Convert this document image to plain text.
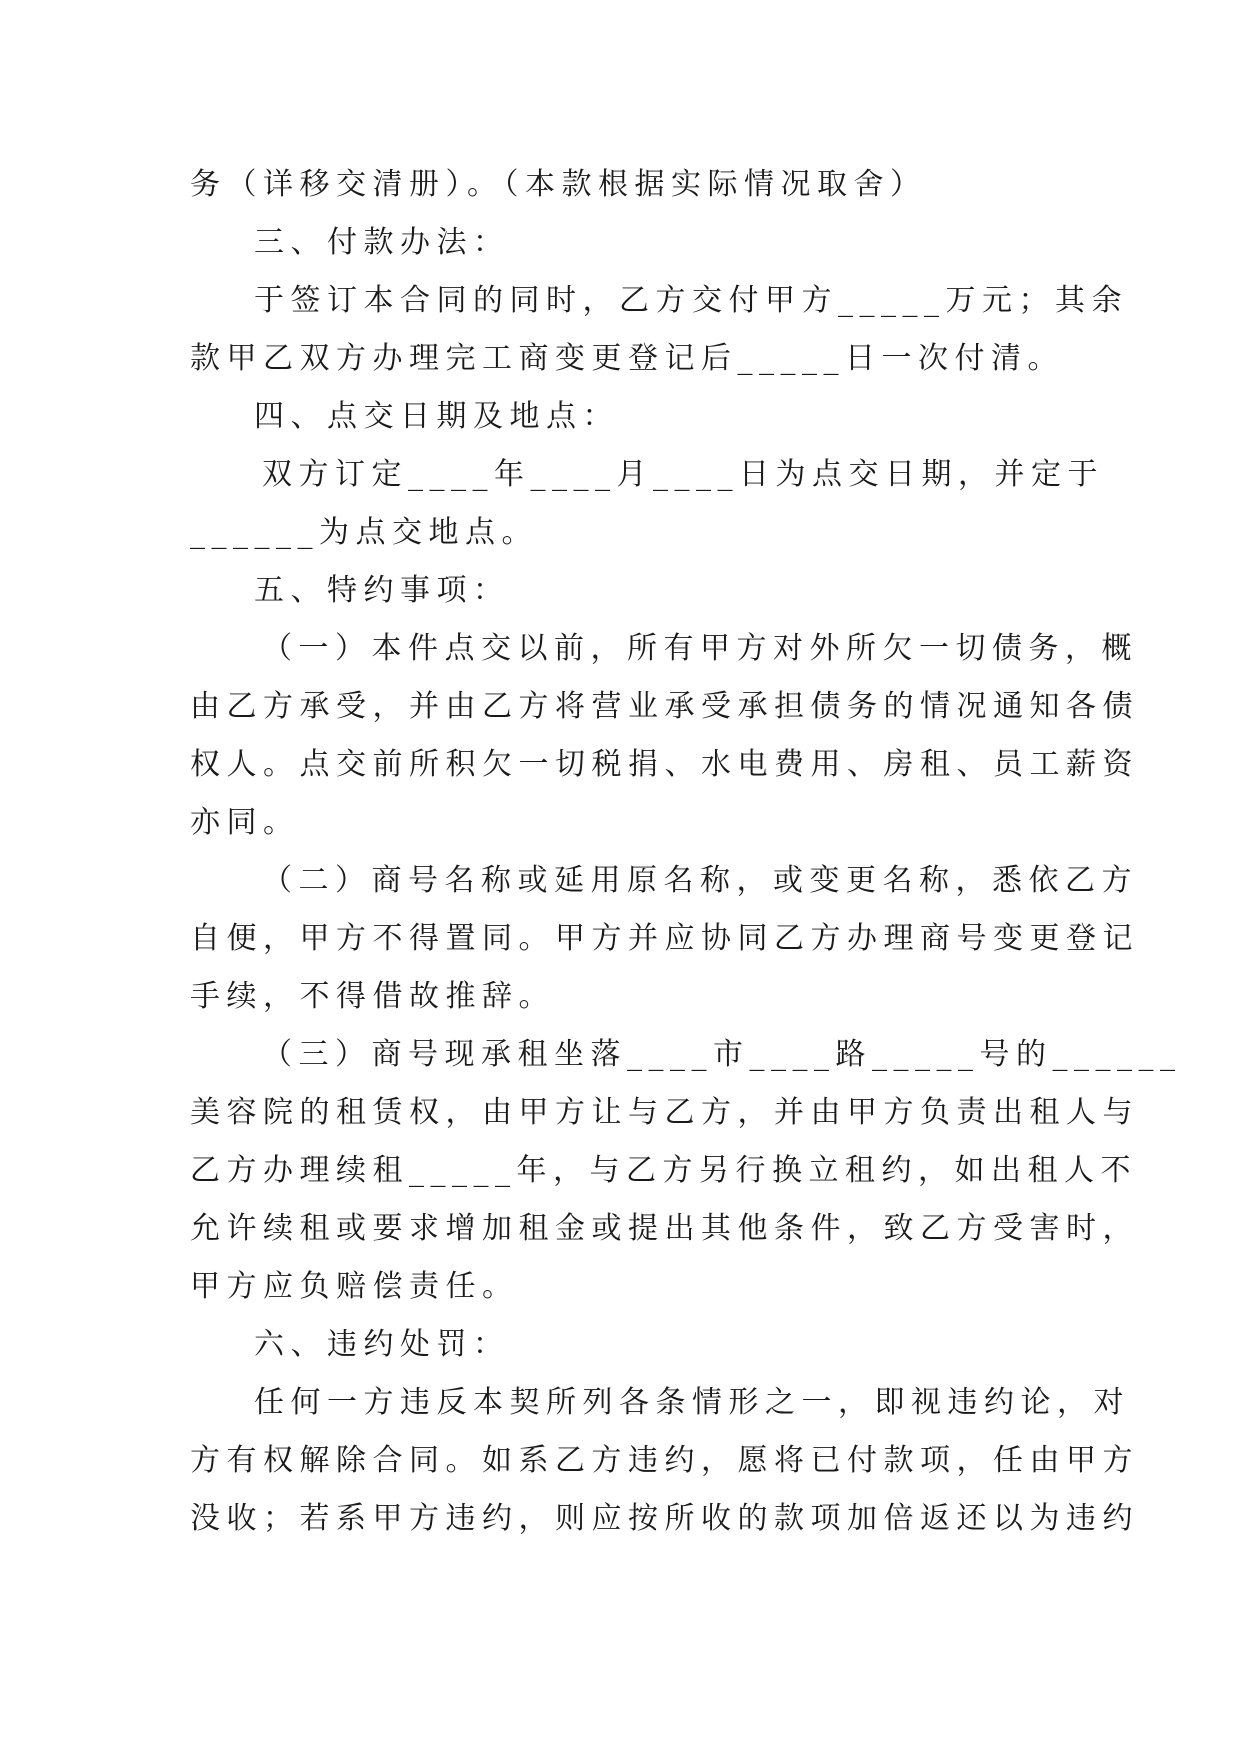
务（详移交清册）。（本款根据实际情况取舍）
三、付款办法：
于签订本合同的同时，乙方交付甲方_____万元；其余
款甲乙双方办理完工商变更登记后_____日一次付清。
四、点交日期及地点：
双方订定____年____月____日为点交日期，并定于
______为点交地点。
五、特约事项：
（一）本件点交以前，所有甲方对外所欠一切债务，概
由乙方承受，并由乙方将营业承受承担债务的情况通知各债
权人。点交前所积欠一切税捐、水电费用、房租、员工薪资
亦同。
（二）商号名称或延用原名称，或变更名称，悉依乙方
自便，甲方不得置同。甲方并应协同乙方办理商号变更登记
手续，不得借故推辞。
（三）商号现承租坐落____市____路_____号的______
美容院的租赁权，由甲方让与乙方，并由甲方负责出租人与
乙方办理续租_____年，与乙方另行换立租约，如出租人不
允许续租或要求增加租金或提出其他条件，致乙方受害时，
甲方应负赔偿责任。
六、违约处罚：
任何一方违反本契所列各条情形之一，即视违约论，对
方有权解除合同。如系乙方违约，愿将已付款项，任由甲方
没收；若系甲方违约，则应按所收的款项加倍返还以为违约
